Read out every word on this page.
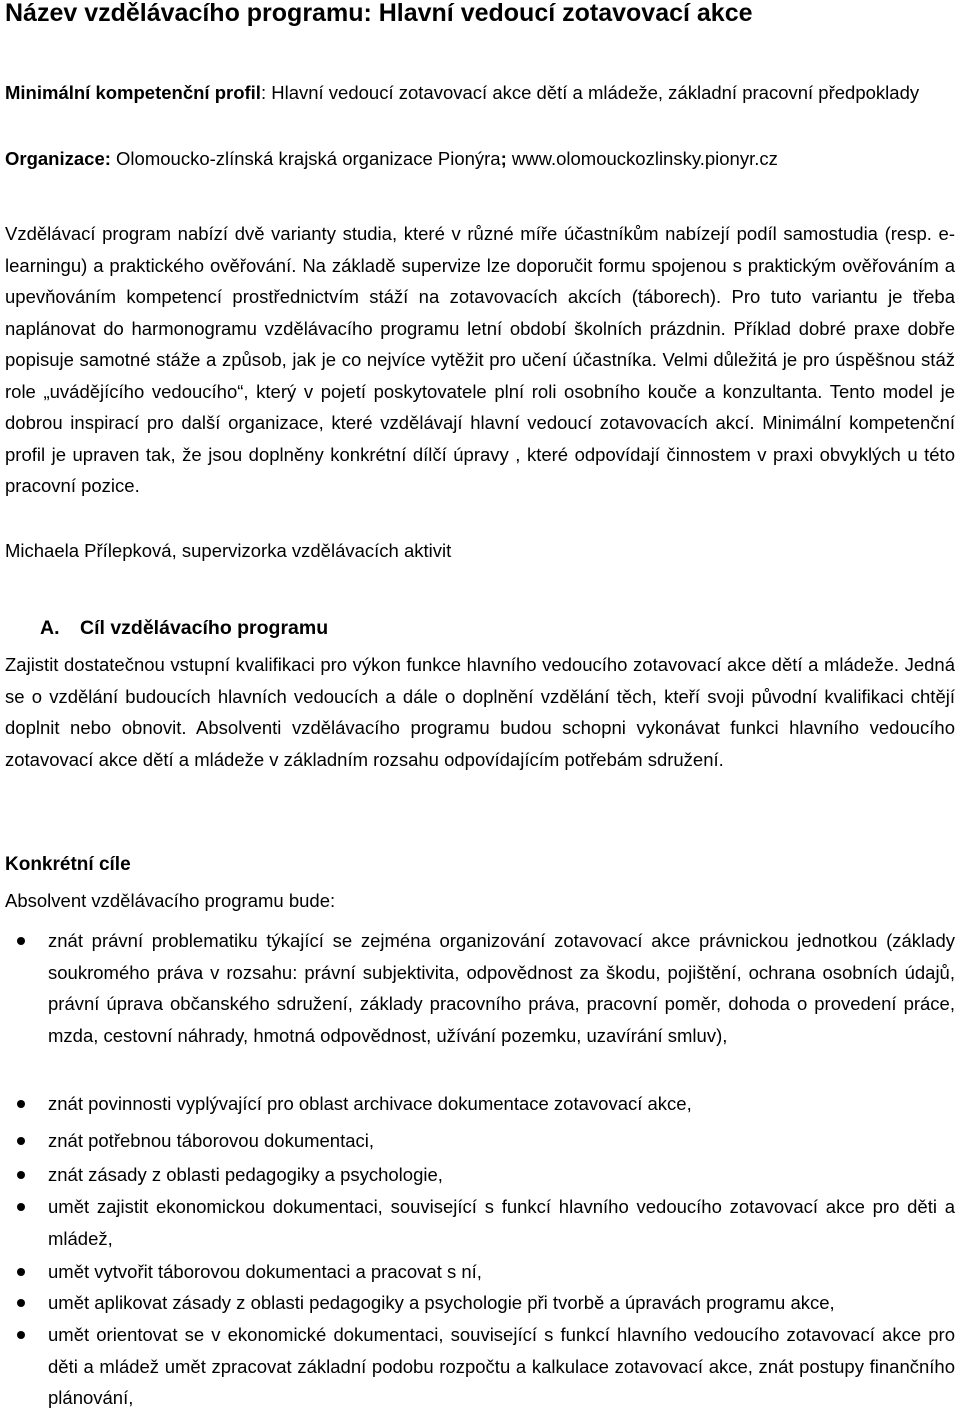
Název vzdělávacího programu: Hlavní vedoucí zotavovací akce
Minimální kompetenční profil: Hlavní vedoucí zotavovací akce dětí a mládeže, základní pracovní předpoklady
Organizace: Olomoucko-zlínská krajská organizace Pionýra; www.olomouckozlinsky.pionyr.cz
Vzdělávací program nabízí dvě varianty studia, které v různé míře účastníkům nabízejí podíl samostudia (resp. e-learningu) a praktického ověřování. Na základě supervize lze doporučit formu spojenou s praktickým ověřováním a upevňováním kompetencí prostřednictvím stáží na zotavovacích akcích (táborech). Pro tuto variantu je třeba naplánovat do harmonogramu vzdělávacího programu letní období školních prázdnin. Příklad dobré praxe dobře popisuje samotné stáže a způsob, jak je co nejvíce vytěžit pro učení účastníka. Velmi důležitá je pro úspěšnou stáž role „uvádějícího vedoucího“, který v pojetí poskytovatele plní roli osobního kouče a konzultanta. Tento model je dobrou inspirací pro další organizace, které vzdělávají hlavní vedoucí zotavovacích akcí. Minimální kompetenční profil je upraven tak, že jsou doplněny konkrétní dílčí úpravy , které odpovídají činnostem v praxi obvyklých u této pracovní pozice.
Michaela Přílepková, supervizorka vzdělávacích aktivit
A. Cíl vzdělávacího programu
Zajistit dostatečnou vstupní kvalifikaci pro výkon funkce hlavního vedoucího zotavovací akce dětí a mládeže. Jedná se o vzdělání budoucích hlavních vedoucích a dále o doplnění vzdělání těch, kteří svoji původní kvalifikaci chtějí doplnit nebo obnovit. Absolventi vzdělávacího programu budou schopni vykonávat funkci hlavního vedoucího zotavovací akce dětí a mládeže v základním rozsahu odpovídajícím potřebám sdružení.
Konkrétní cíle
Absolvent vzdělávacího programu bude:
znát právní problematiku týkající se zejména organizování zotavovací akce právnickou jednotkou (základy soukromého práva v rozsahu: právní subjektivita, odpovědnost za škodu, pojištění, ochrana osobních údajů, právní úprava občanského sdružení, základy pracovního práva, pracovní poměr, dohoda o provedení práce, mzda, cestovní náhrady, hmotná odpovědnost, užívání pozemku, uzavírání smluv),
znát povinnosti vyplývající pro oblast archivace dokumentace zotavovací akce,
znát potřebnou táborovou dokumentaci,
znát zásady z oblasti pedagogiky a psychologie,
umět zajistit ekonomickou dokumentaci, související s funkcí hlavního vedoucího zotavovací akce pro děti a mládež,
umět vytvořit táborovou dokumentaci a pracovat s ní,
umět aplikovat zásady z oblasti pedagogiky a psychologie při tvorbě a úpravách programu akce,
umět orientovat se v ekonomické dokumentaci, související s funkcí hlavního vedoucího zotavovací akce pro děti a mládež umět zpracovat základní podobu rozpočtu a kalkulace zotavovací akce, znát postupy finančního plánování,
